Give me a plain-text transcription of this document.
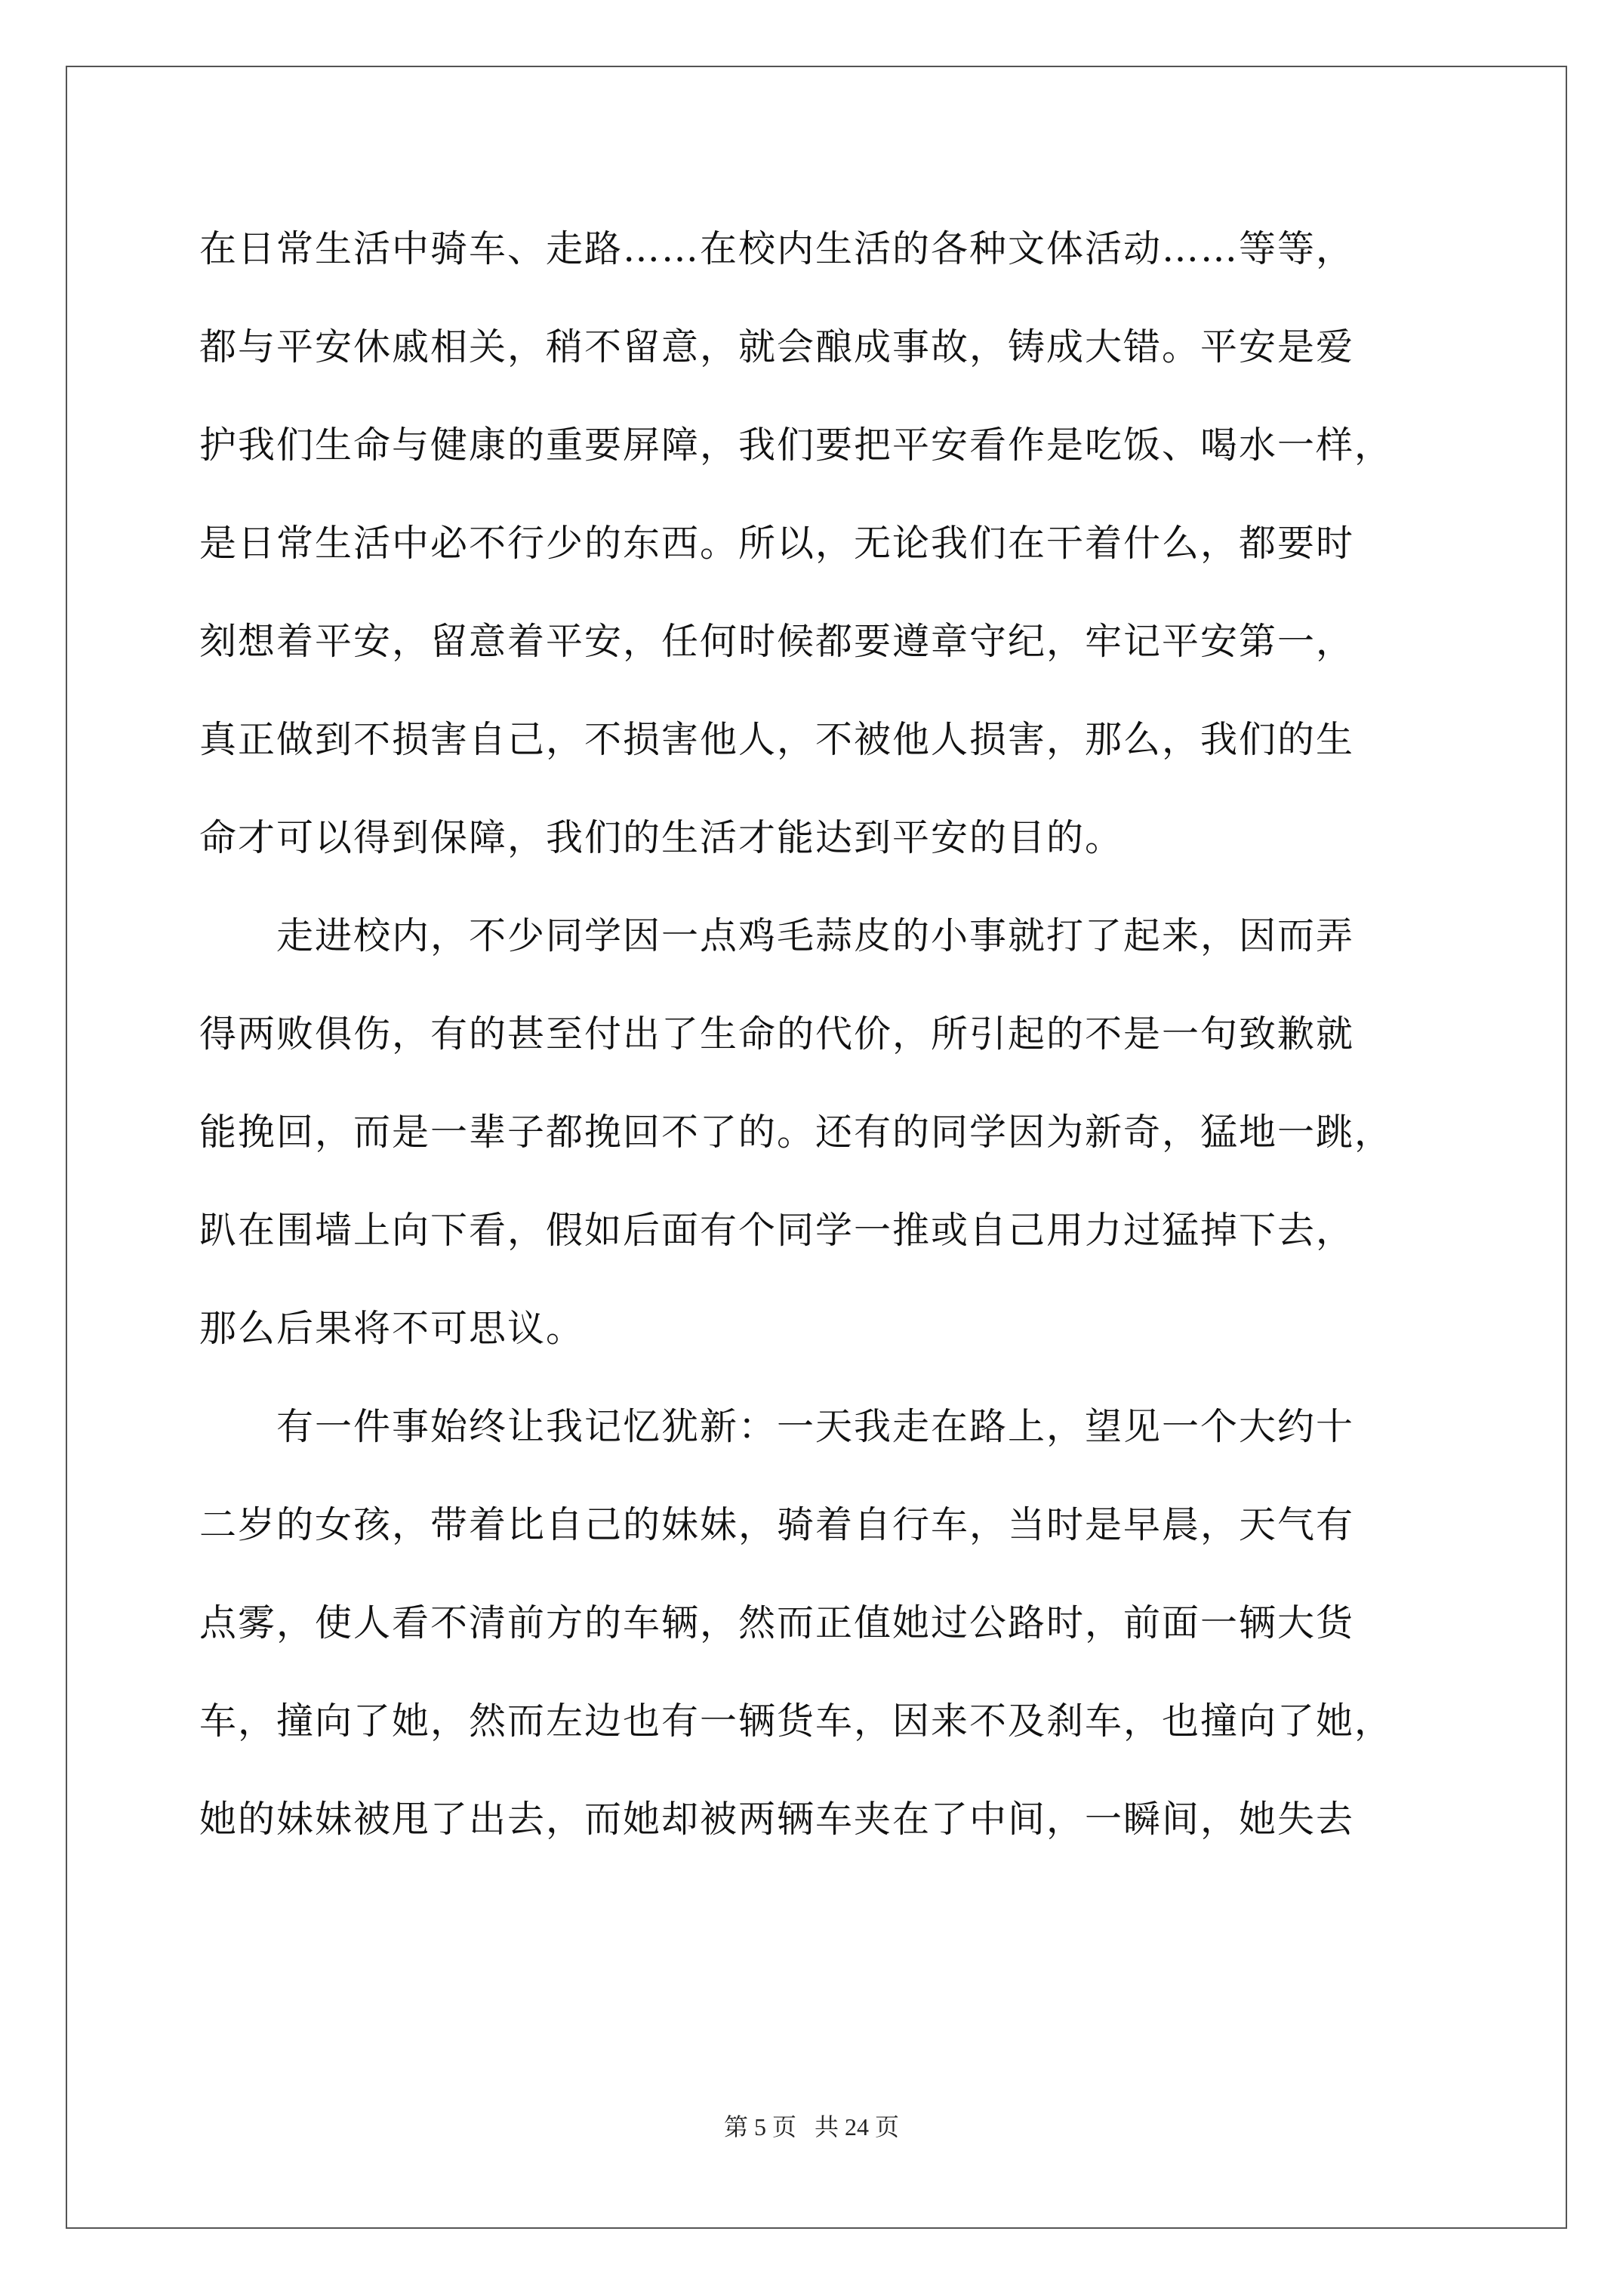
在日常生活中骑车、走路……在校内生活的各种文体活动……等等，
都与平安休戚相关，稍不留意，就会酿成事故，铸成大错。平安是爱
护我们生命与健康的重要屏障，我们要把平安看作是吃饭、喝水一样，
是日常生活中必不行少的东西。所以，无论我们在干着什么，都要时
刻想着平安，留意着平安，任何时候都要遵章守纪，牢记平安第一，
真正做到不损害自己，不损害他人，不被他人损害，那么，我们的生
命才可以得到保障，我们的生活才能达到平安的目的。
　　走进校内，不少同学因一点鸡毛蒜皮的小事就打了起来，因而弄
得两败俱伤，有的甚至付出了生命的代价，所引起的不是一句致歉就
能挽回，而是一辈子都挽回不了的。还有的同学因为新奇，猛地一跳，
趴在围墙上向下看，假如后面有个同学一推或自己用力过猛掉下去，
那么后果将不可思议。
　　有一件事始终让我记忆犹新：一天我走在路上，望见一个大约十
二岁的女孩，带着比自己的妹妹，骑着自行车，当时是早晨，天气有
点雾，使人看不清前方的车辆，然而正值她过公路时，前面一辆大货
车，撞向了她，然而左边也有一辆货车，因来不及刹车，也撞向了她，
她的妹妹被甩了出去，而她却被两辆车夹在了中间，一瞬间，她失去
第 5 页 共 24 页
